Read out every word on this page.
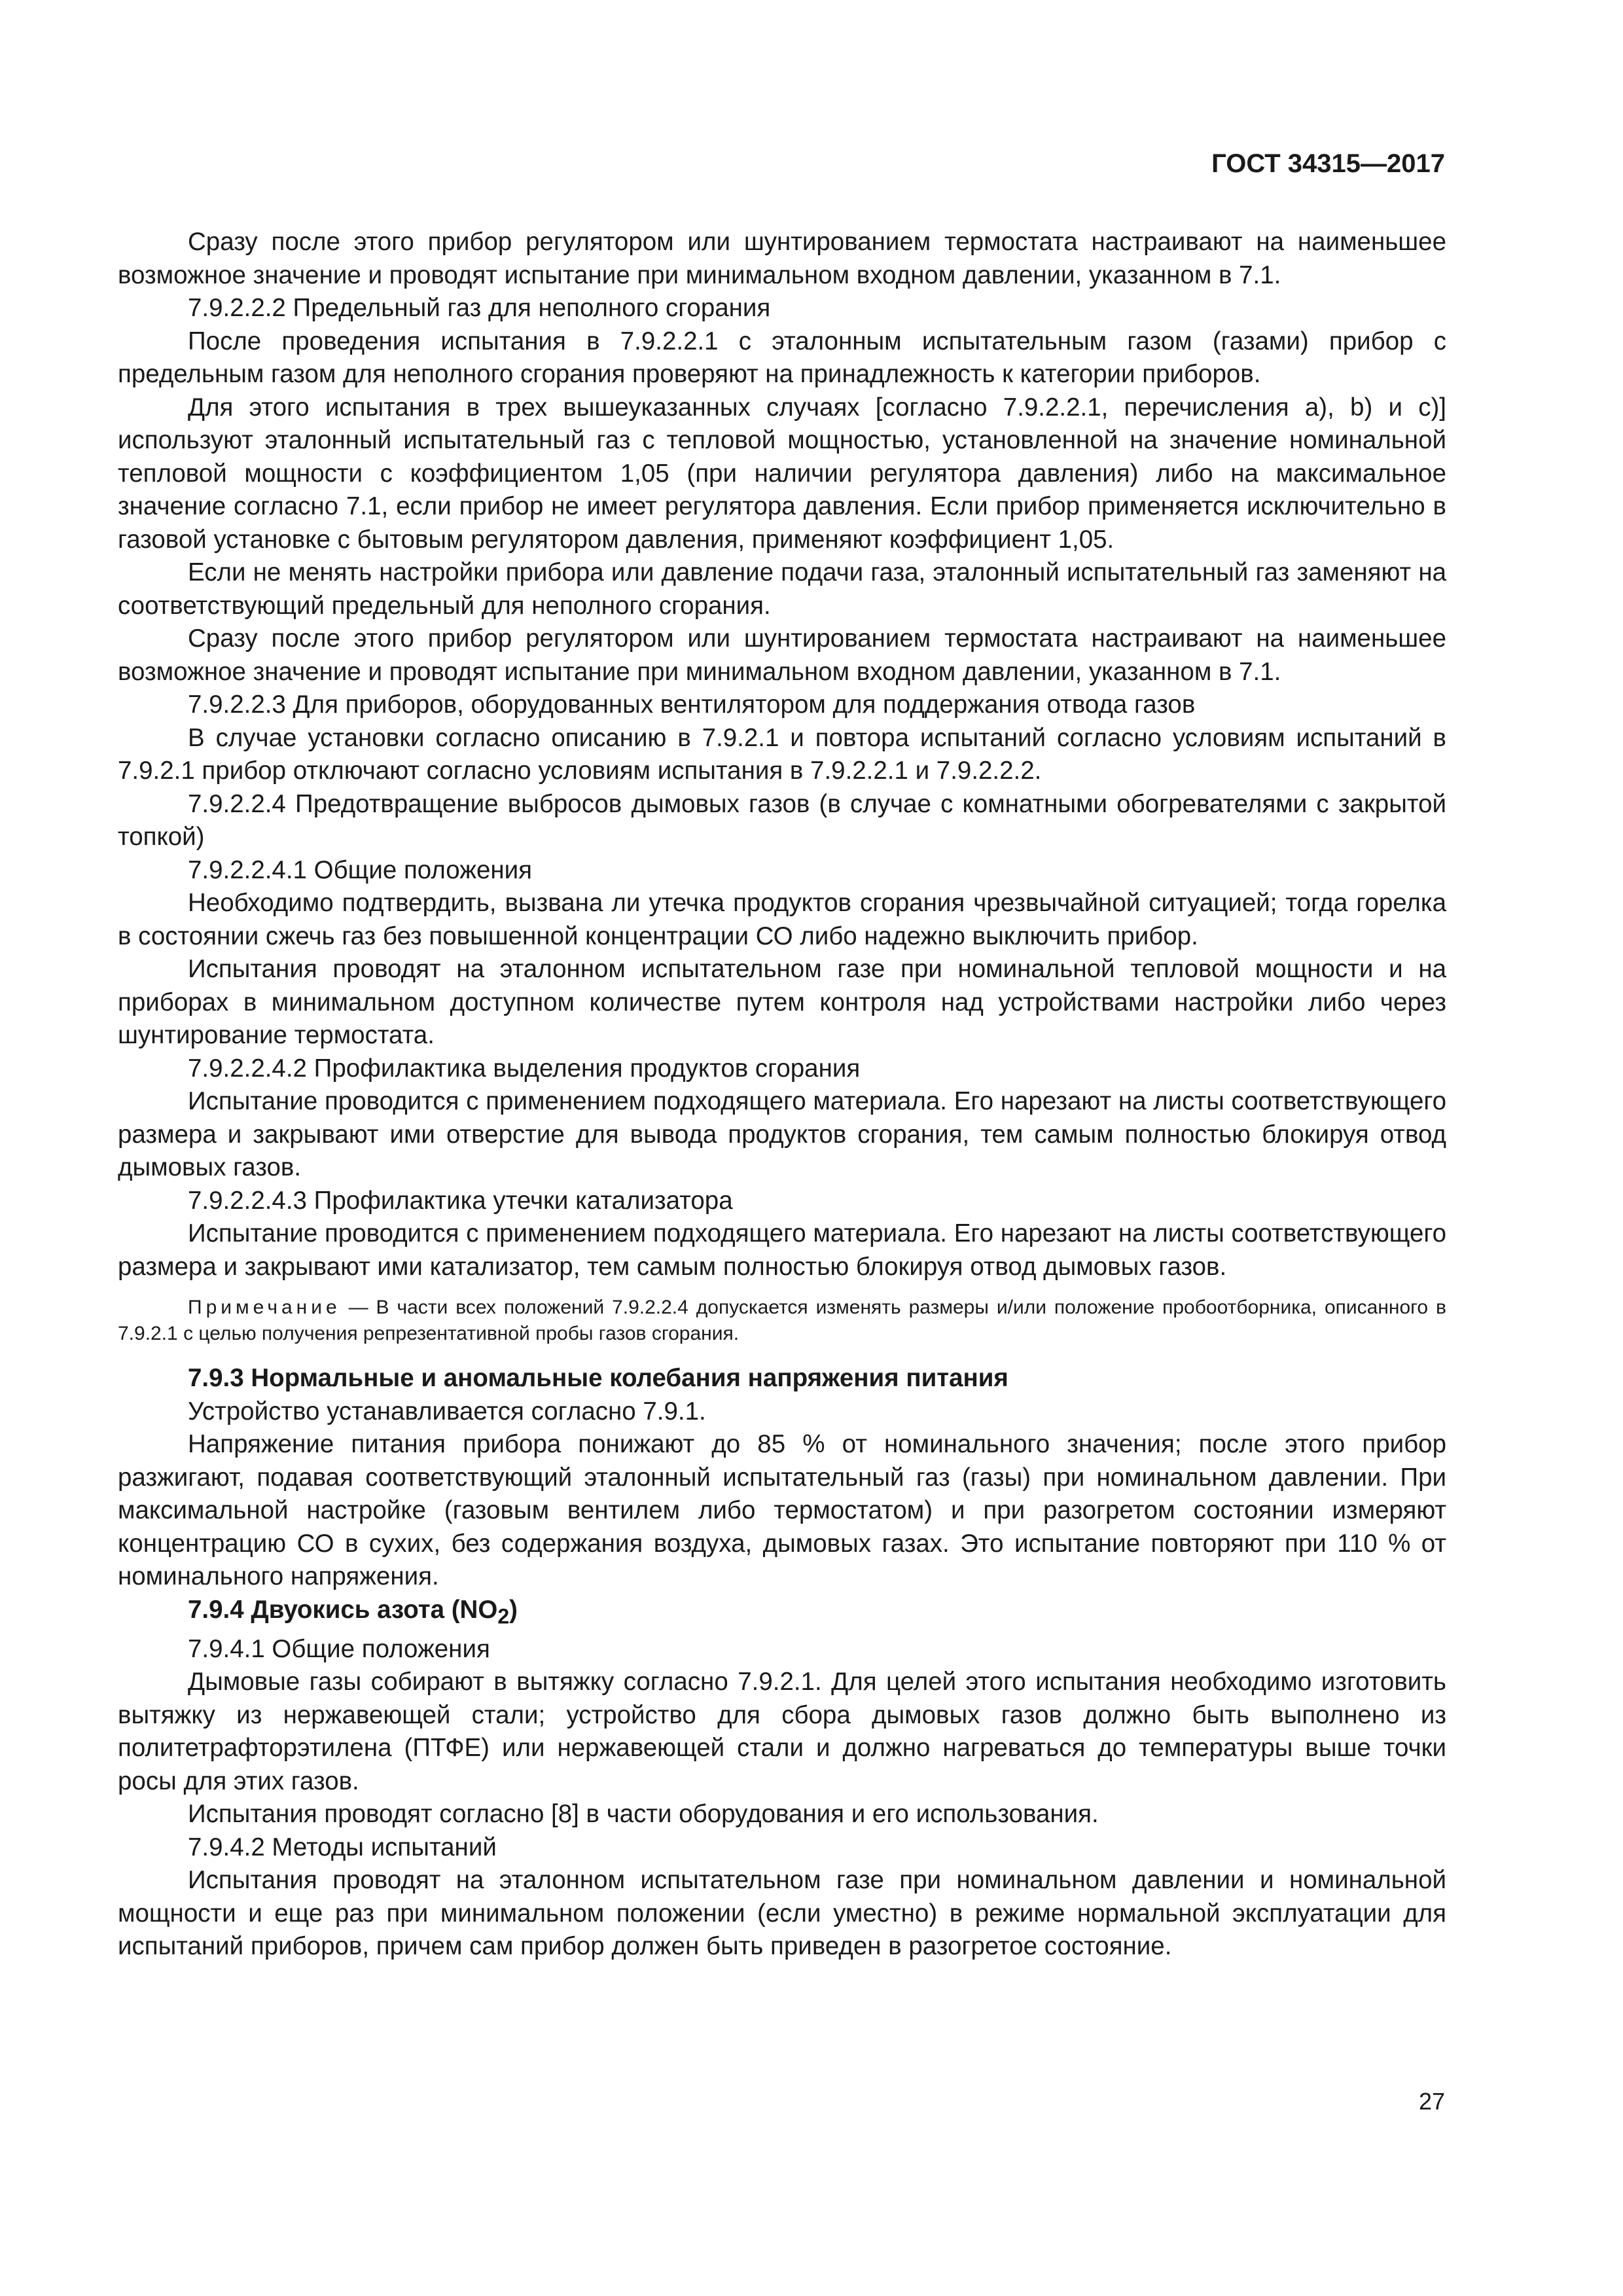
ГОСТ 34315—2017

Сразу после этого прибор регулятором или шунтированием термостата настраивают на наименьшее возможное значение и проводят испытание при минимальном входном давлении, указанном в 7.1.

7.9.2.2.2 Предельный газ для неполного сгорания

После проведения испытания в 7.9.2.2.1 с эталонным испытательным газом (газами) прибор с предельным газом для неполного сгорания проверяют на принадлежность к категории приборов.

Для этого испытания в трех вышеуказанных случаях [согласно 7.9.2.2.1, перечисления а), b) и с)] используют эталонный испытательный газ с тепловой мощностью, установленной на значение номинальной тепловой мощности с коэффициентом 1,05 (при наличии регулятора давления) либо на максимальное значение согласно 7.1, если прибор не имеет регулятора давления. Если прибор применяется исключительно в газовой установке с бытовым регулятором давления, применяют коэффициент 1,05.

Если не менять настройки прибора или давление подачи газа, эталонный испытательный газ заменяют на соответствующий предельный для неполного сгорания.

Сразу после этого прибор регулятором или шунтированием термостата настраивают на наименьшее возможное значение и проводят испытание при минимальном входном давлении, указанном в 7.1.

7.9.2.2.3 Для приборов, оборудованных вентилятором для поддержания отвода газов

В случае установки согласно описанию в 7.9.2.1 и повтора испытаний согласно условиям испытаний в 7.9.2.1 прибор отключают согласно условиям испытания в 7.9.2.2.1 и 7.9.2.2.2.

7.9.2.2.4 Предотвращение выбросов дымовых газов (в случае с комнатными обогревателями с закрытой топкой)

7.9.2.2.4.1 Общие положения

Необходимо подтвердить, вызвана ли утечка продуктов сгорания чрезвычайной ситуацией; тогда горелка в состоянии сжечь газ без повышенной концентрации СО либо надежно выключить прибор.

Испытания проводят на эталонном испытательном газе при номинальной тепловой мощности и на приборах в минимальном доступном количестве путем контроля над устройствами настройки либо через шунтирование термостата.

7.9.2.2.4.2 Профилактика выделения продуктов сгорания

Испытание проводится с применением подходящего материала. Его нарезают на листы соответствующего размера и закрывают ими отверстие для вывода продуктов сгорания, тем самым полностью блокируя отвод дымовых газов.

7.9.2.2.4.3 Профилактика утечки катализатора

Испытание проводится с применением подходящего материала. Его нарезают на листы соответствующего размера и закрывают ими катализатор, тем самым полностью блокируя отвод дымовых газов.

Примечание — В части всех положений 7.9.2.2.4 допускается изменять размеры и/или положение пробоотборника, описанного в 7.9.2.1 с целью получения репрезентативной пробы газов сгорания.

7.9.3 Нормальные и аномальные колебания напряжения питания

Устройство устанавливается согласно 7.9.1.

Напряжение питания прибора понижают до 85 % от номинального значения; после этого прибор разжигают, подавая соответствующий эталонный испытательный газ (газы) при номинальном давлении. При максимальной настройке (газовым вентилем либо термостатом) и при разогретом состоянии измеряют концентрацию СО в сухих, без содержания воздуха, дымовых газах. Это испытание повторяют при 110 % от номинального напряжения.

7.9.4 Двуокись азота $(NO_2)$

7.9.4.1 Общие положения

Дымовые газы собирают в вытяжку согласно 7.9.2.1. Для целей этого испытания необходимо изготовить вытяжку из нержавеющей стали; устройство для сбора дымовых газов должно быть выполнено из политетрафторэтилена (ПТФЕ) или нержавеющей стали и должно нагреваться до температуры выше точки росы для этих газов.

Испытания проводят согласно [8] в части оборудования и его использования.

7.9.4.2 Методы испытаний

Испытания проводят на эталонном испытательном газе при номинальном давлении и номинальной мощности и еще раз при минимальном положении (если уместно) в режиме нормальной эксплуатации для испытаний приборов, причем сам прибор должен быть приведен в разогретое состояние.

27
